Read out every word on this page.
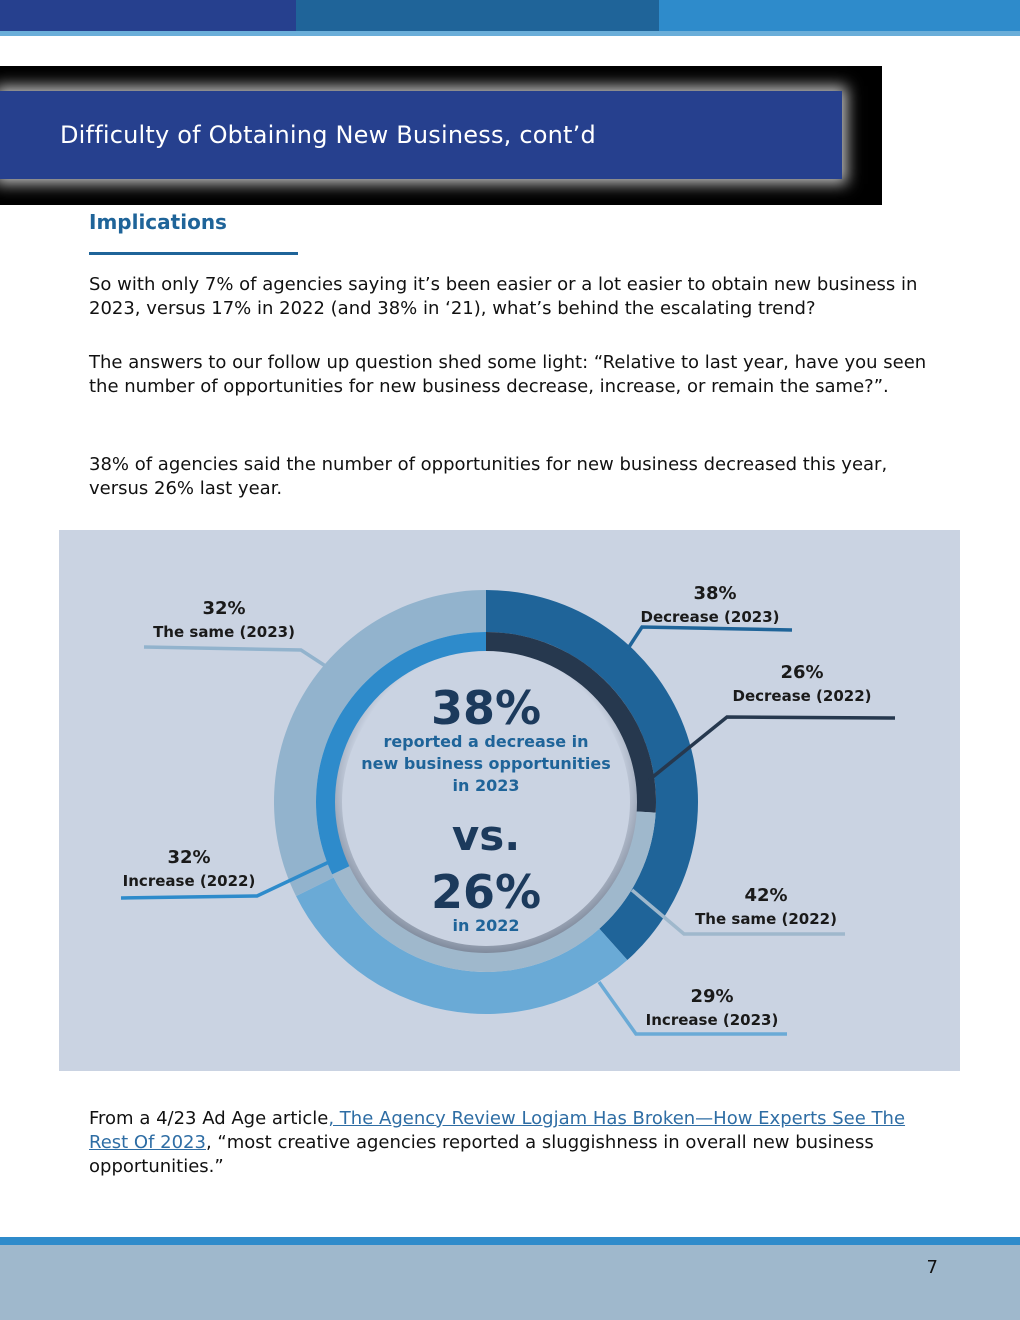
Difficulty of Obtaining New Business, cont’d
Implications

So with only 7% of agencies saying it’s been easier or a lot easier to obtain new business in 2023, versus 17% in 2022 (and 38% in ‘21), what’s behind the escalating trend?

The answers to our follow up question shed some light: “Relative to last year, have you seen the number of opportunities for new business decrease, increase, or remain the same?”.

38% of agencies said the number of opportunities for new business decreased this year, versus 26% last year.

38%
reported a decrease in
new business opportunities
in 2023
vs.
26%
in 2022
38%
Decrease (2023)
26%
Decrease (2022)
42%
The same (2022)
29%
Increase (2023)
32%
The same (2023)
32%
Increase (2022)

From a 4/23 Ad Age article, The Agency Review Logjam Has Broken—How Experts See The Rest Of 2023, “most creative agencies reported a sluggishness in overall new business opportunities.”

7
